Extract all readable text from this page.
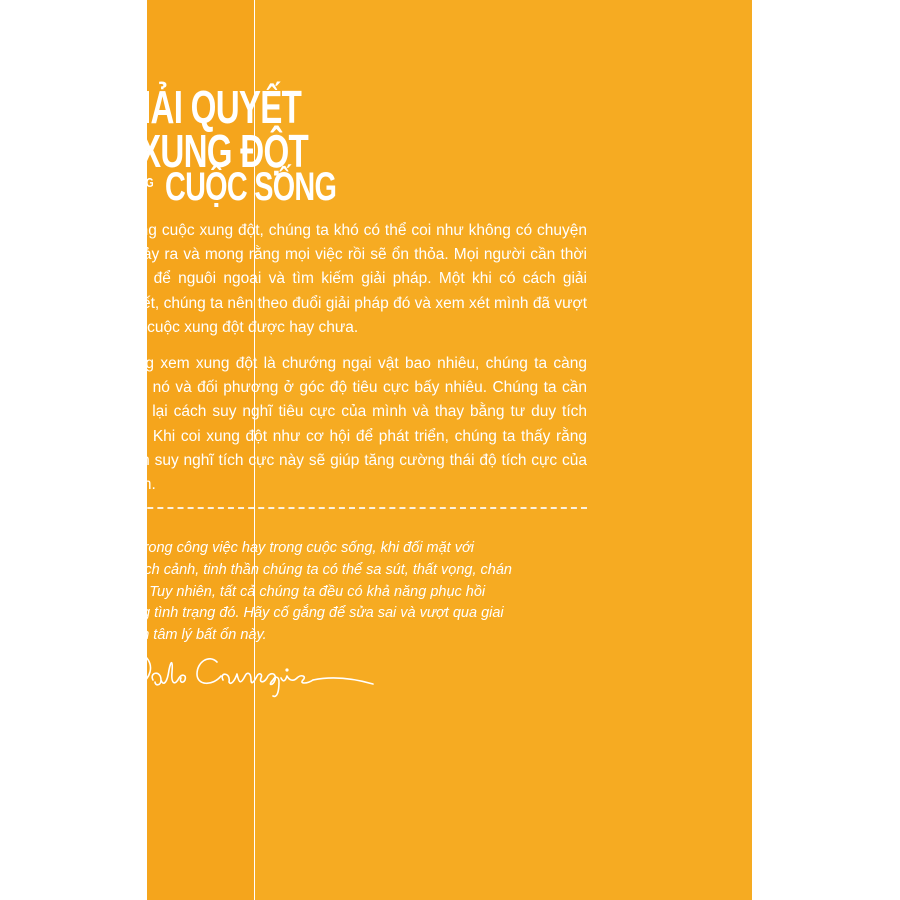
GIẢI QUYẾT
XUNG ĐỘT
TRONG CUỘC SỐNG

Trong cuộc xung đột, chúng ta khó có thể coi như không có chuyện gì xảy ra và mong rằng mọi việc rồi sẽ ổn thỏa. Mọi người cần thời gian để nguôi ngoai và tìm kiếm giải pháp. Một khi có cách giải quyết, chúng ta nên theo đuổi giải pháp đó và xem xét mình đã vượt qua cuộc xung đột được hay chưa.

Càng xem xung đột là chướng ngại vật bao nhiêu, chúng ta càng nhìn nó và đối phương ở góc độ tiêu cực bấy nhiêu. Chúng ta cần xem lại cách suy nghĩ tiêu cực của mình và thay bằng tư duy tích cực. Khi coi xung đột như cơ hội để phát triển, chúng ta thấy rằng cách suy nghĩ tích cực này sẽ giúp tăng cường thái độ tích cực của mình.

Dù trong công việc hay trong cuộc sống, khi đối mặt với nghịch cảnh, tinh thần chúng ta có thể sa sút, thất vọng, chán nản. Tuy nhiên, tất cả chúng ta đều có khả năng phục hồi trong tình trạng đó. Hãy cố gắng để sửa sai và vượt qua giai đoạn tâm lý bất ổn này.
